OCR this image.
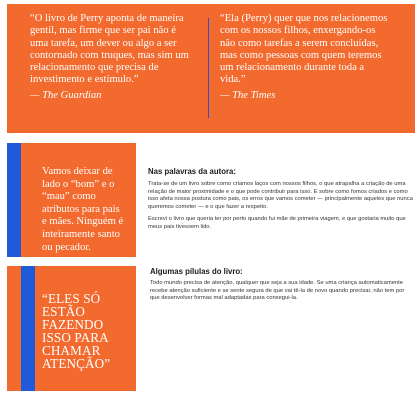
“O livro de Perry aponta de maneira gentil, mas firme que ser pai não é uma tarefa, um dever ou algo a ser contornado com truques, mas sim um relacionamento que precisa de investimento e estímulo.”
— The Guardian
“Ela (Perry) quer que nos relacionemos com os nossos filhos, enxergando-os não como tarefas a serem concluídas, mas como pessoas com quem teremos um relacionamento durante toda a vida.”
— The Times
Vamos deixar de lado o “bom” e o “mau” como atributos para pais e mães. Ninguém é inteiramente santo ou pecador.
Nas palavras da autora:

Trata-se de um livro sobre como criamos laços com nossos filhos, o que atrapalha a criação de uma relação de maior proximidade e o que pode contribuir para isso. E sobre como fomos criados e como isso afeta nossa postura como pais, os erros que vamos cometer — principalmente aqueles que nunca queremos cometer — e o que fazer a respeito.

Escrevi o livro que queria ter por perto quando fui mãe de primeira viagem, e que gostaria muito que meus pais tivessem lido.

“ELES SÓ ESTÃO FAZENDO ISSO PARA CHAMAR ATENÇÃO”
Algumas pílulas do livro:

Todo mundo precisa de atenção, qualquer que seja a sua idade. Se uma criança automaticamente recebe atenção suficiente e se sente segura de que vai tê-la de novo quando precisar, não tem por que desenvolver formas mal adaptadas para consegui-la.
